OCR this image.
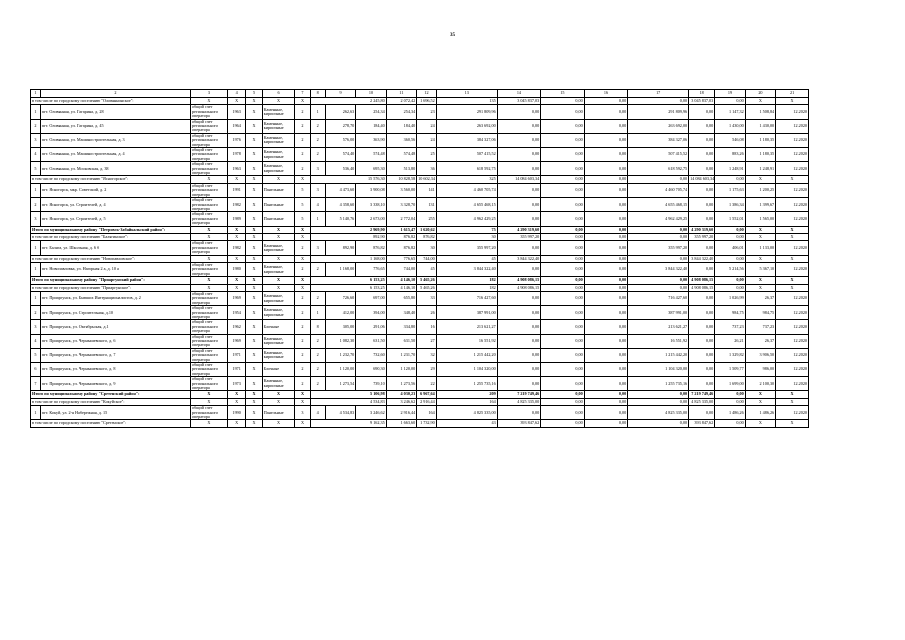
35
1	2	3	4	5	6	7	8	9	10	11	12	13	14	15	16	17	18	19	20	21
в том числе по городскому поселению "Оловяннинское":		Х	Х	Х	Х	Х	2 245,80			2 072,42	1 696,52	135	3 045 837,03	0,00	0,00	0,00	3 045 837,03	0,00	Х	Х
1	пгт. Оловянная, ул. Гагарина, д. 28	общий счет регионального оператора	1963	Х	Каменные, кирпичные	2	1	262,63	254,34	254,34	23	291 809,96	0,00	0,00	0,00	291 809,96	0,00	1 147,32	1 508,84	12.2020
2	пгт. Оловянная, ул. Гагарина, д. 45	общий счет регионального оператора	1964	Х	Каменные, кирпичные	2	2	278,70	184,40	184,40	24	263 692,00	0,00	0,00	0,00	263 692,00	0,00	1 430,00	1 430,00	12.2020
3	пгт. Оловянная, ул. Машиностроительная, д. 3	общий счет регионального оператора	1976	Х	Каменные, кирпичные	2	2	576,00	363,90	360,56	24	384 327,06	0,00	0,00	0,00	384 327,06	0,00	546,08	1 180,35	12.2020
4	пгт. Оловянная, ул. Машиностроительная, д. 4	общий счет регионального оператора	1978	Х	Каменные, кирпичные	2	2	574,40	574,48	574,48	25	507 415,52	0,00	0,00	0,00	507 415,52	0,00	883,26	1 180,35	12.2020
5	пгт. Оловянная, ул. Московская, д. 38	общий счет регионального оператора	1963	Х	Каменные, кирпичные	2	3	536,40	695,30	513,80	36	618 592,75	0,00	0,00	0,00	618 592,75	0,00	1 248,91	1 248,91	12.2020
в том числе по городскому поселению "Ясногорское":		Х	Х	Х	Х	Х	15 576,30			10 828,58	10 602,34	325	14 084 603,34	0,00	0,00	0,00	14 084 603,34	0,00	Х	Х
1	пгт. Ясногорск, мкр. Советский, д. 2	общий счет регионального оператора	1991	Х	Панельные	5	3	4 473,60	3 900,08	3 560,00	141	4 460 705,74	0,00	0,00	0,00	4 460 705,74	0,00	1 175,63	1 200,25	12.2020
2	пгт. Ясногорск, ул. Строителей, д. 4	общий счет регионального оператора	1982	Х	Панельные	5	4	4 358,60	3 338,10	3 328,70	131	4 655 468,15	0,00	0,00	0,00	4 655 468,15	0,00	1 386,34	1 399,67	12.2020
3	пгт. Ясногорск, ул. Строителей, д. 5	общий счет регионального оператора	1989	Х	Панельные	5	1	5 140,76	2 673,00	2 772,04	255	4 962 429,25	0,00	0,00	0,00	4 962 429,25	0,00	1 552,01	1 565,00	12.2020
Итого по муниципальному району "Петровск-Забайкальский район":		Х	Х	Х	Х	Х	2 969,90			1 615,47	1 620,62	75	4 290 319,60	0,00	0,00	0,00	4 290 319,60	0,00	Х	Х
в том числе по городскому поселению "Балягинское":		Х	Х	Х	Х	Х	892,90			876,82	876,82	30	355 997,20	0,00	0,00	0,00	355 997,20	0,00	Х	Х
1	пгт. Балягa, ул. Школьная, д. 6 б	общий счет регионального оператора	1982	Х	Каменные, кирпичные	2	3	892,90	876,82	876,82	30	355 997,20	0,00	0,00	0,00	355 997,20	0,00	406,01	1 133,00	12.2020
в том числе по городскому поселению "Новопавловское":		Х	Х	Х	Х	Х	1 168,00			776,65	744,00	45	3 844 322,40	0,00	0,00	0,00	3 844 322,40	0,00	Х	Х
1	пгт. Новопавловка, ул. Нагорная 2 а, д. 10 а	общий счет регионального оператора	1980	Х	Каменные, кирпичные	2	2	1 168,00	776,65	744,00	45	3 844 322,40	0,00	0,00	0,00	3 844 322,40	0,00	5 214,56	5 367,10	12.2020
Итого по муниципальному району "Приаргунский район":		Х	Х	Х	Х	Х	6 153,25			4 146,10	5 465,26	182	4 908 086,15	0,00	0,00	0,00	4 908 086,15	0,00	Х	Х
в том числе по городскому поселению "Приаргунское":		Х	Х	Х	Х	Х	6 153,25			4 146,10	5 465,26	182	4 908 086,15	0,00	0,00	0,00	4 908 086,15	0,00	Х	Х
1	пгт. Приаргунск, ул. Бывших Интернационалистов, д. 2	общий счет регионального оператора	1969	Х	Каменные, кирпичные	2	2	726,60	697,00	655,80	33	716 427,60	0,00	0,00	0,00	716 427,60	0,00	1 026,99	26,37	12.2020
2	пгт. Приаргунск, ул. Строительная, д.10	общий счет регионального оператора	1954	Х	Каменные, кирпичные	2	1	412,00	394,00	348,40	26	387 991,00	0,00	0,00	0,00	387 991,00	0,00	984,75	984,75	12.2020
3	пгт. Приаргунск, ул. Октябрьская, д.1	общий счет регионального оператора	1962	Х	Блочные	2	8	305,00	291,06	334,80	16	213 621,27	0,00	0,00	0,00	213 621,27	0,00	737,23	737,23	12.2020
4	пгт. Приаргунск, ул. Чернышевского, д. 6	общий счет регионального оператора	1969	Х	Каменные, кирпичные	2	2	1 082,30	631,50	631,50	27	16 551,92	0,00	0,00	0,00	16 551,92	0,00	26,21	26,37	12.2020
5	пгт. Приаргунск, ул. Чернышевского, д. 7	общий счет регионального оператора	1971	Х	Каменные, кирпичные	2	2	1 232,70	732,60	1 231,70	32	1 215 442,20	0,00	0,00	0,00	1 215 442,20	0,00	1 329,82	3 906,50	12.2020
6	пгт. Приаргунск, ул. Чернышевского, д. 8	общий счет регионального оператора	1971	Х	Блочные	2	2	1 120,00	690,30	1 120,00	29	1 104 320,00	0,00	0,00	0,00	1 104 320,00	0,00	1 509,77	986,00	12.2020
7	пгт. Приаргунск, ул. Чернышевского, д. 9	общий счет регионального оператора	1973	Х	Каменные, кирпичные	2	2	1 273,54	739,10	1 273,56	22	1 255 735,16	0,00	0,00	0,00	1 255 735,16	0,00	1 699,00	2 100,30	12.2020
Итого по муниципальному району "Сретенский район":		Х	Х	Х	Х	Х	5 106,98			4 030,23	6 967,64	209	7 219 749,46	0,00	0,00	0,00	7 219 749,46	0,00	Х	Х
в том числе по городскому поселению "Кокуйское":		Х	Х	Х	Х	Х	4 534,83			3 246,62	2 916,44	164	4 825 335,00	0,00	0,00	0,00	4 825 335,00	0,00	Х	Х
1	пгт. Кокуй, ул. 2-я Набережная, д. 15	общий счет регионального оператора	1990	Х	Панельные	3	4	4 534,83	3 246,62	2 916,44	164	4 825 335,00	0,00	0,00	0,00	4 825 335,00	0,00	1 486,26	1 486,26	12.2020
в том числе по городскому поселению "Сретенское":		Х	Х	Х	Х	Х	9 162,35			1 663,60	1 732,90	43	393 847,62	0,00	0,00	0,00	393 847,62	0,00	Х	Х
